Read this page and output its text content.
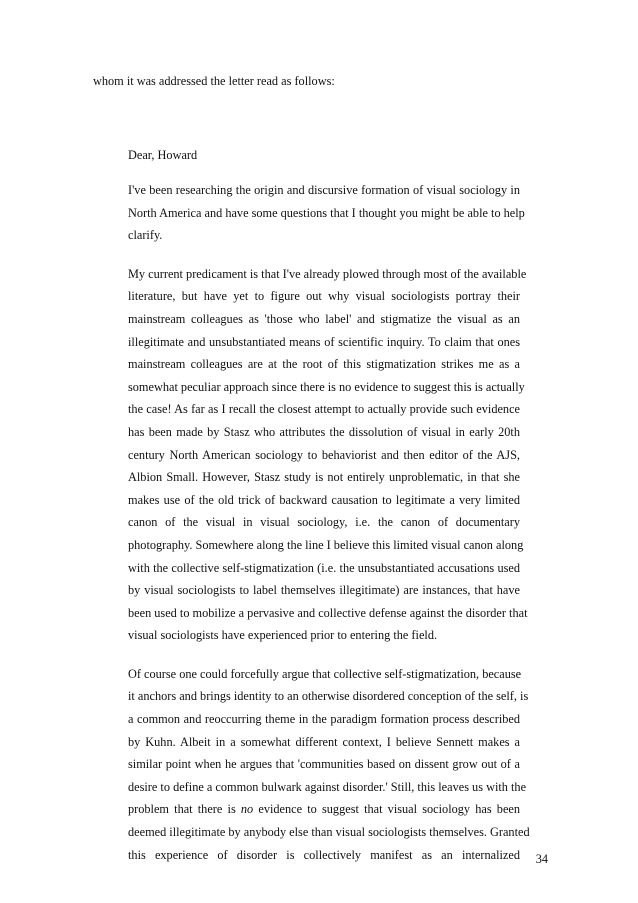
whom it was addressed the letter read as follows:

Dear, Howard

I've been researching the origin and discursive formation of visual sociology in
North America and have some questions that I thought you might be able to help
clarify.

My current predicament is that I've already plowed through most of the available
literature, but have yet to figure out why visual sociologists portray their
mainstream colleagues as 'those who label' and stigmatize the visual as an
illegitimate and unsubstantiated means of scientific inquiry. To claim that ones
mainstream colleagues are at the root of this stigmatization strikes me as a
somewhat peculiar approach since there is no evidence to suggest this is actually
the case! As far as I recall the closest attempt to actually provide such evidence
has been made by Stasz who attributes the dissolution of visual in early 20th
century North American sociology to behaviorist and then editor of the AJS,
Albion Small. However, Stasz study is not entirely unproblematic, in that she
makes use of the old trick of backward causation to legitimate a very limited
canon of the visual in visual sociology, i.e. the canon of documentary
photography. Somewhere along the line I believe this limited visual canon along
with the collective self-stigmatization (i.e. the unsubstantiated accusations used
by visual sociologists to label themselves illegitimate) are instances, that have
been used to mobilize a pervasive and collective defense against the disorder that
visual sociologists have experienced prior to entering the field.

Of course one could forcefully argue that collective self-stigmatization, because
it anchors and brings identity to an otherwise disordered conception of the self, is
a common and reoccurring theme in the paradigm formation process described
by Kuhn. Albeit in a somewhat different context, I believe Sennett makes a
similar point when he argues that 'communities based on dissent grow out of a
desire to define a common bulwark against disorder.' Still, this leaves us with the
problem that there is no evidence to suggest that visual sociology has been
deemed illegitimate by anybody else than visual sociologists themselves. Granted
this experience of disorder is collectively manifest as an internalized 34
